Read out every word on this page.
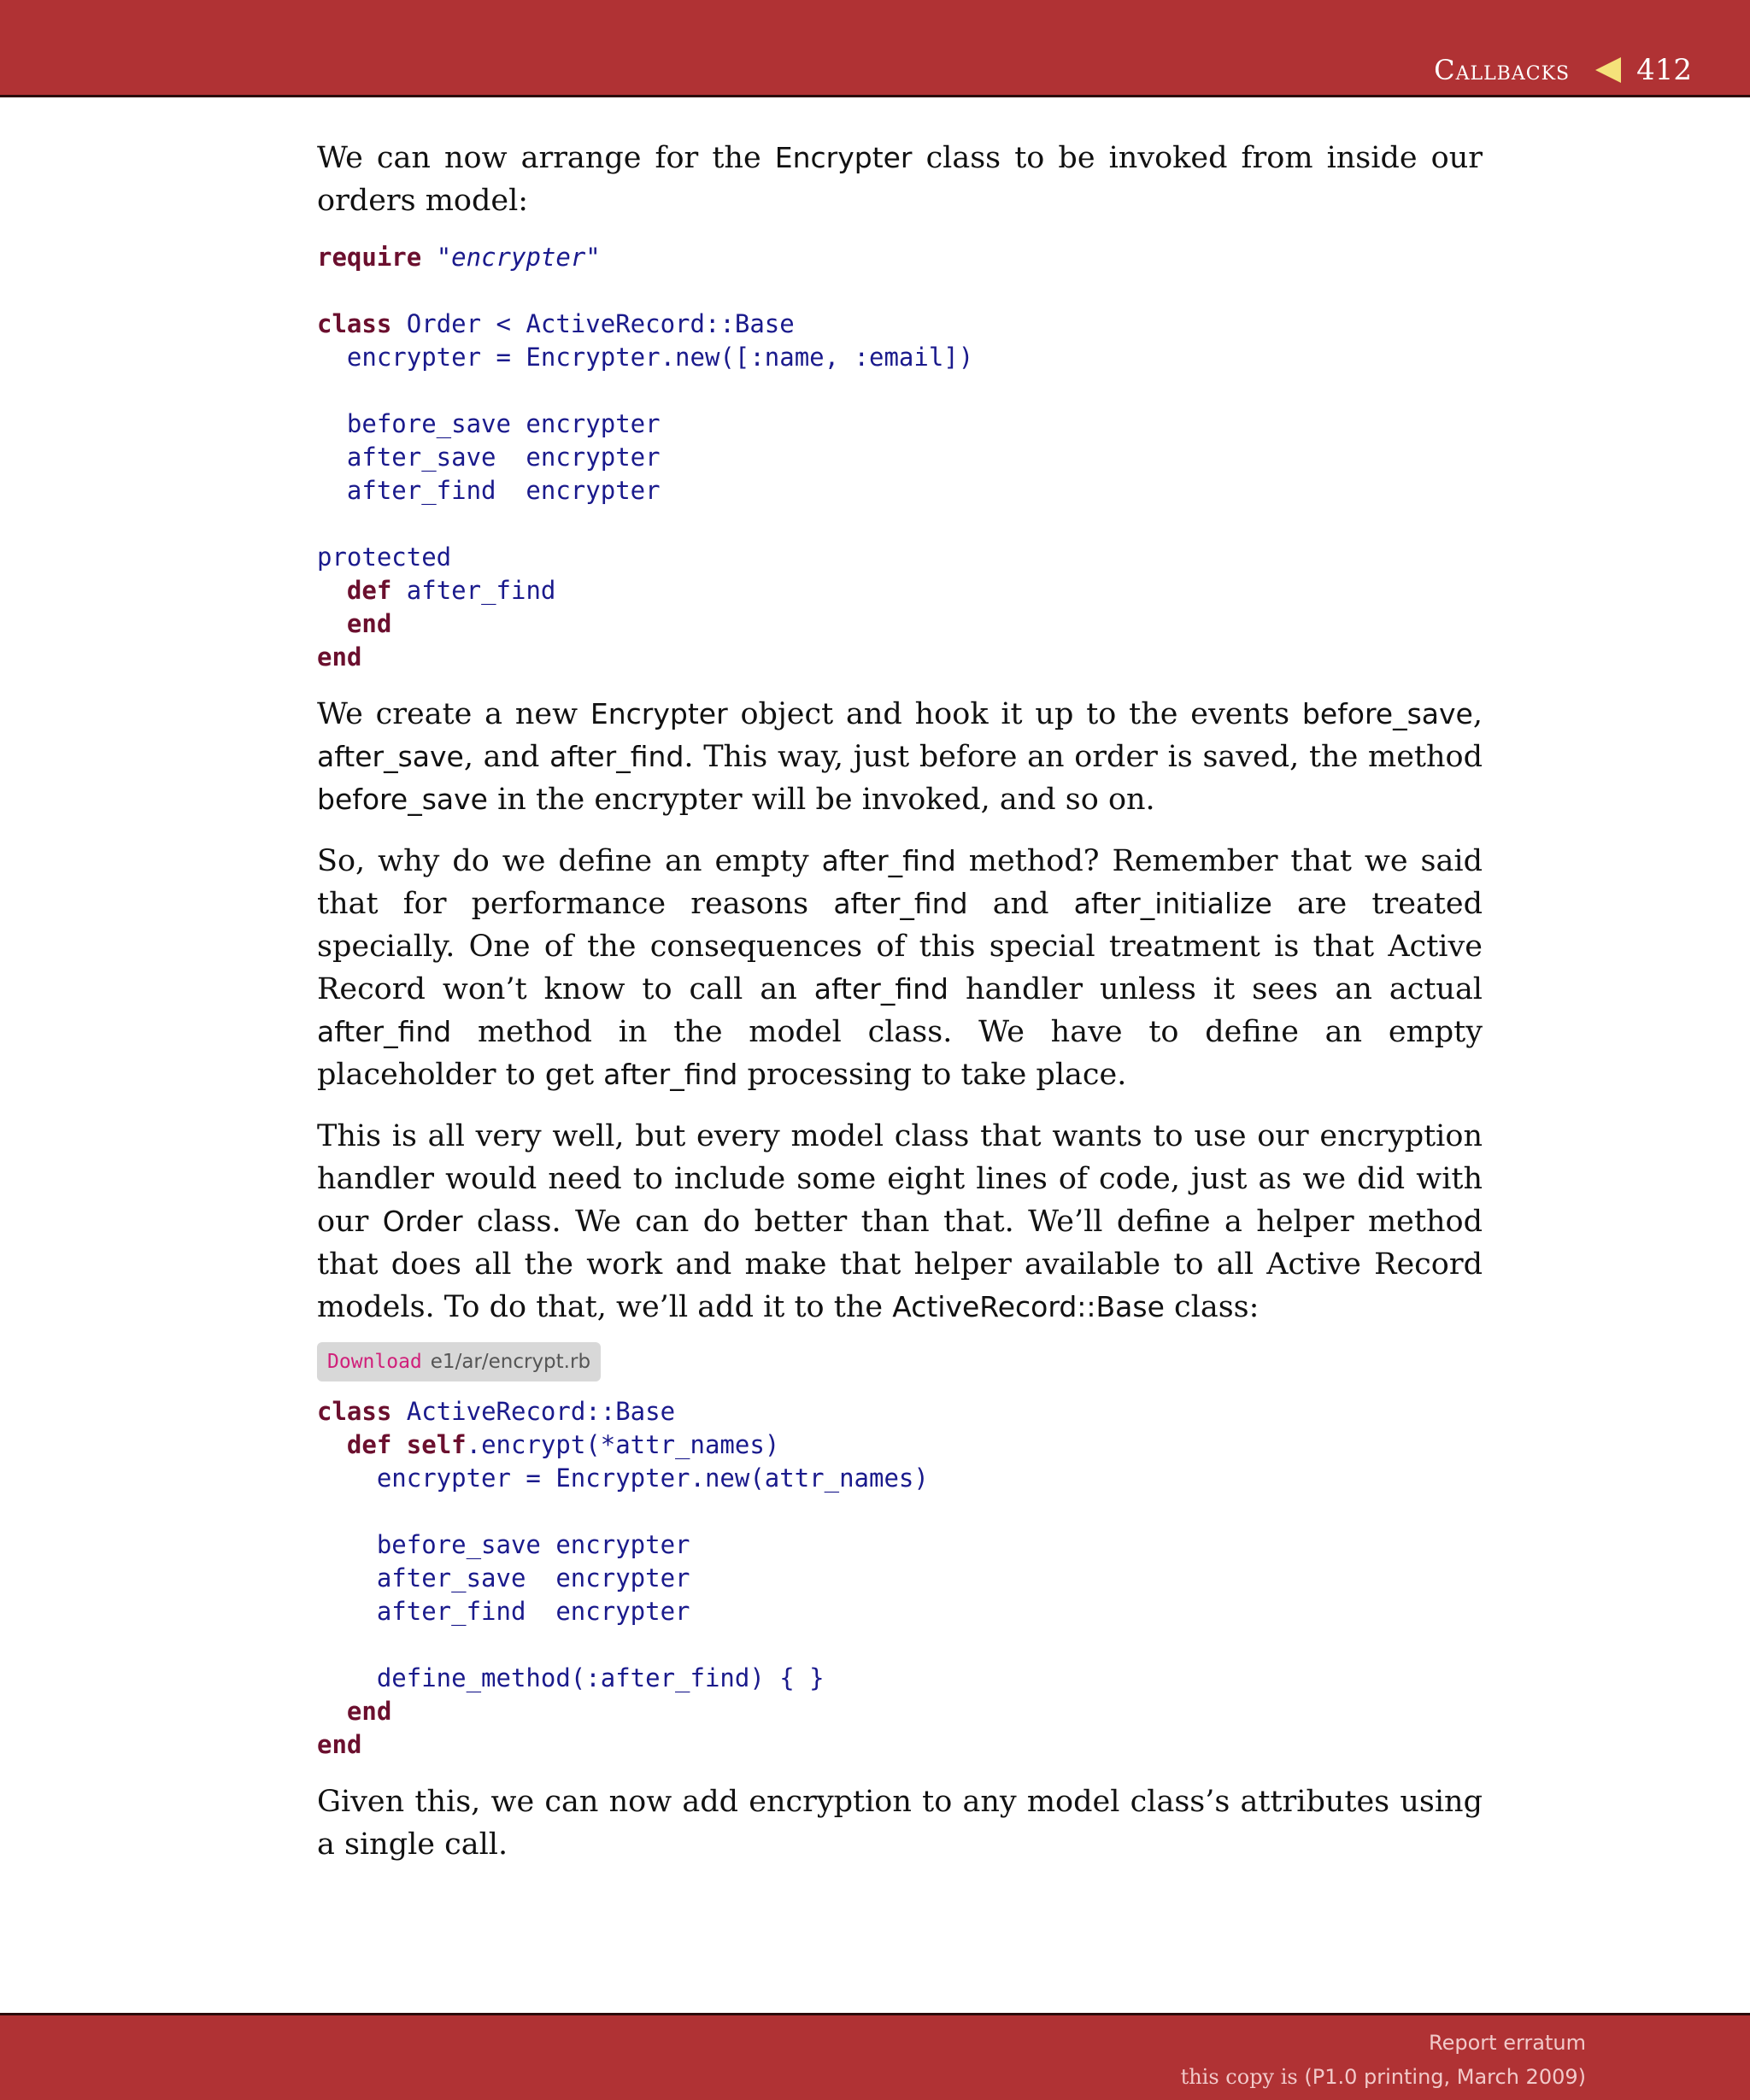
Callbacks 412

We can now arrange for the Encrypter class to be invoked from inside our orders model:

require "encrypter"

class Order < ActiveRecord::Base
encrypter = Encrypter.new([:name, :email])

before_save encrypter
after_save  encrypter
after_find  encrypter

protected
def after_find
end
end

We create a new Encrypter object and hook it up to the events before_save, after_save, and after_find. This way, just before an order is saved, the method before_save in the encrypter will be invoked, and so on.

So, why do we define an empty after_find method? Remember that we said that for performance reasons after_find and after_initialize are treated specially. One of the consequences of this special treatment is that Active Record won’t know to call an after_find handler unless it sees an actual after_find method in the model class. We have to define an empty placeholder to get after_find processing to take place.

This is all very well, but every model class that wants to use our encryption handler would need to include some eight lines of code, just as we did with our Order class. We can do better than that. We’ll define a helper method that does all the work and make that helper available to all Active Record models. To do that, we’ll add it to the ActiveRecord::Base class:

Download e1/ar/encrypt.rb
class ActiveRecord::Base
def self.encrypt(*attr_names)
encrypter = Encrypter.new(attr_names)

before_save encrypter
after_save  encrypter
after_find  encrypter

define_method(:after_find) { }
end
end

Given this, we can now add encryption to any model class’s attributes using a single call.

Report erratum
this copy is (P1.0 printing, March 2009)
